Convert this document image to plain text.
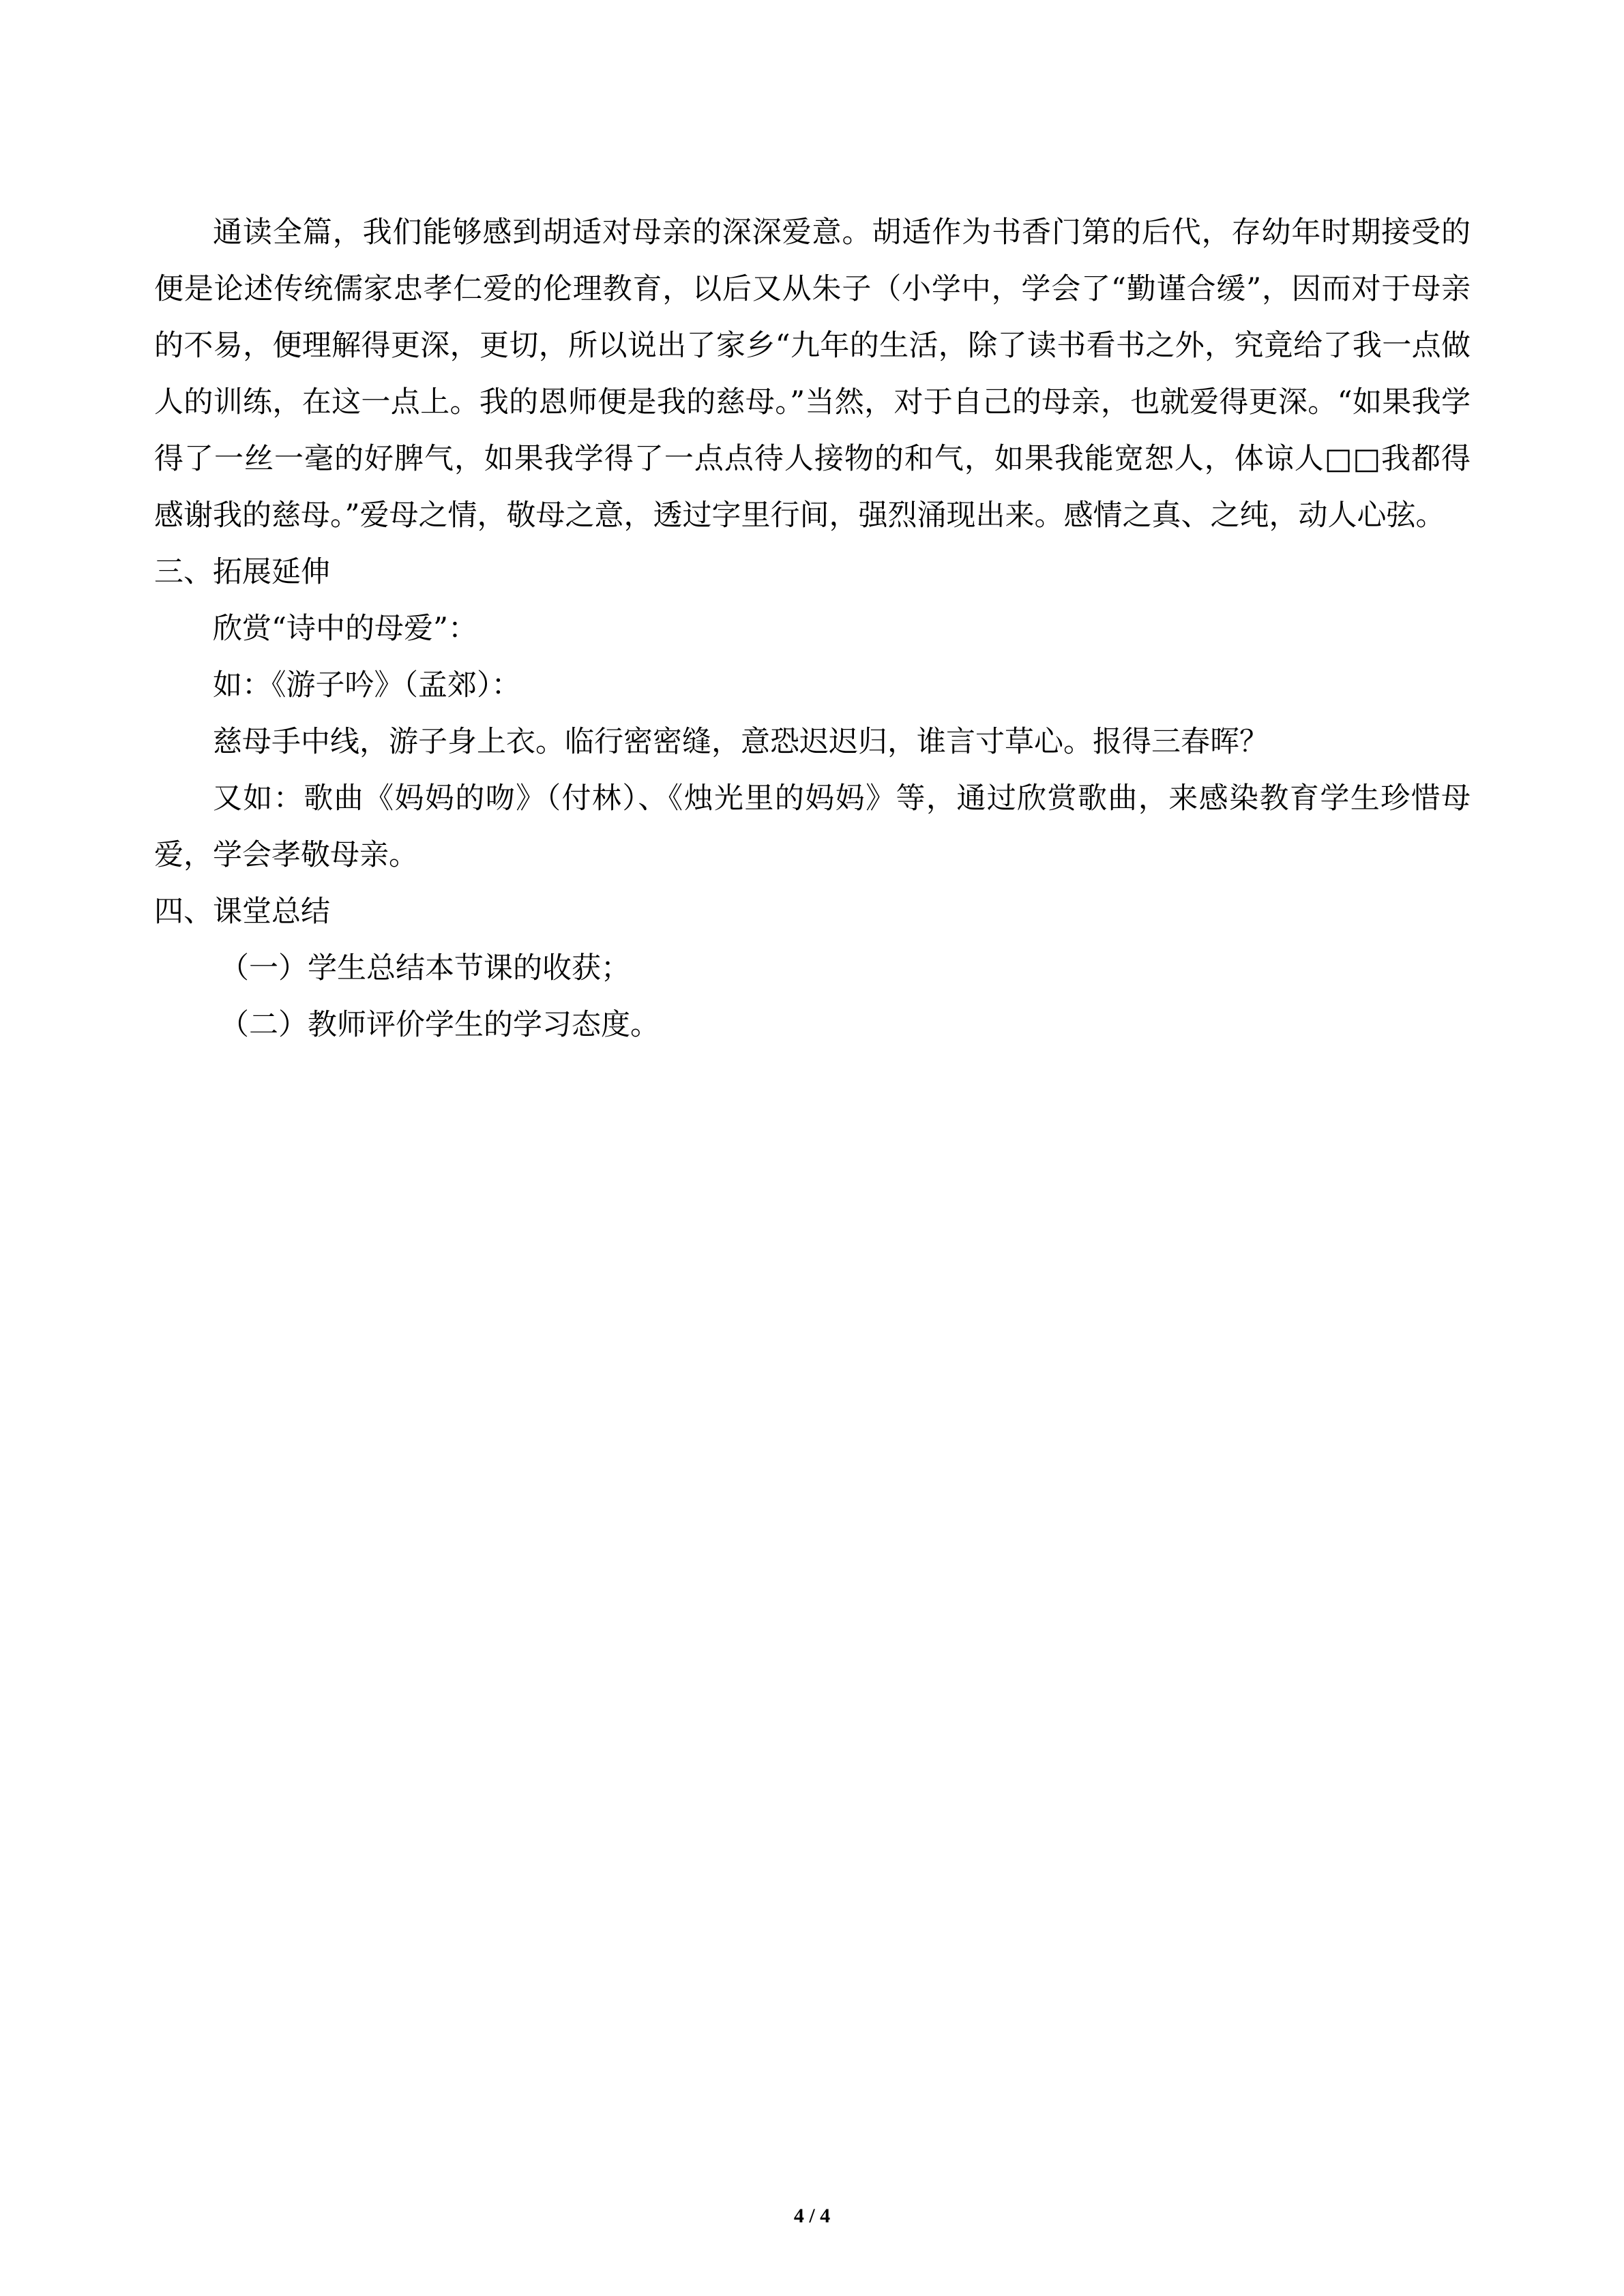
通读全篇，我们能够感到胡适对母亲的深深爱意。胡适作为书香门第的后代，存幼年时期接受的便是论述传统儒家忠孝仁爱的伦理教育，以后又从朱子（小学中，学会了“勤谨合缓”，因而对于母亲的不易，便理解得更深，更切，所以说出了家乡“九年的生活，除了读书看书之外，究竟给了我一点做人的训练，在这一点上。我的恩师便是我的慈母。”当然，对于自己的母亲，也就爱得更深。“如果我学得了一丝一毫的好脾气，如果我学得了一点点待人接物的和气，如果我能宽恕人，体谅人□□我都得感谢我的慈母。”爱母之情，敬母之意，透过字里行间，强烈涌现出来。感情之真、之纯，动人心弦。

三、拓展延伸

欣赏“诗中的母爱”：

如：《游子吟》（孟郊）：

慈母手中线，游子身上衣。临行密密缝，意恐迟迟归，谁言寸草心。报得三春晖？

又如：歌曲《妈妈的吻》（付林）、《烛光里的妈妈》等，通过欣赏歌曲，来感染教育学生珍惜母爱，学会孝敬母亲。

四、课堂总结

（一）学生总结本节课的收获；

（二）教师评价学生的学习态度。

4 / 4
